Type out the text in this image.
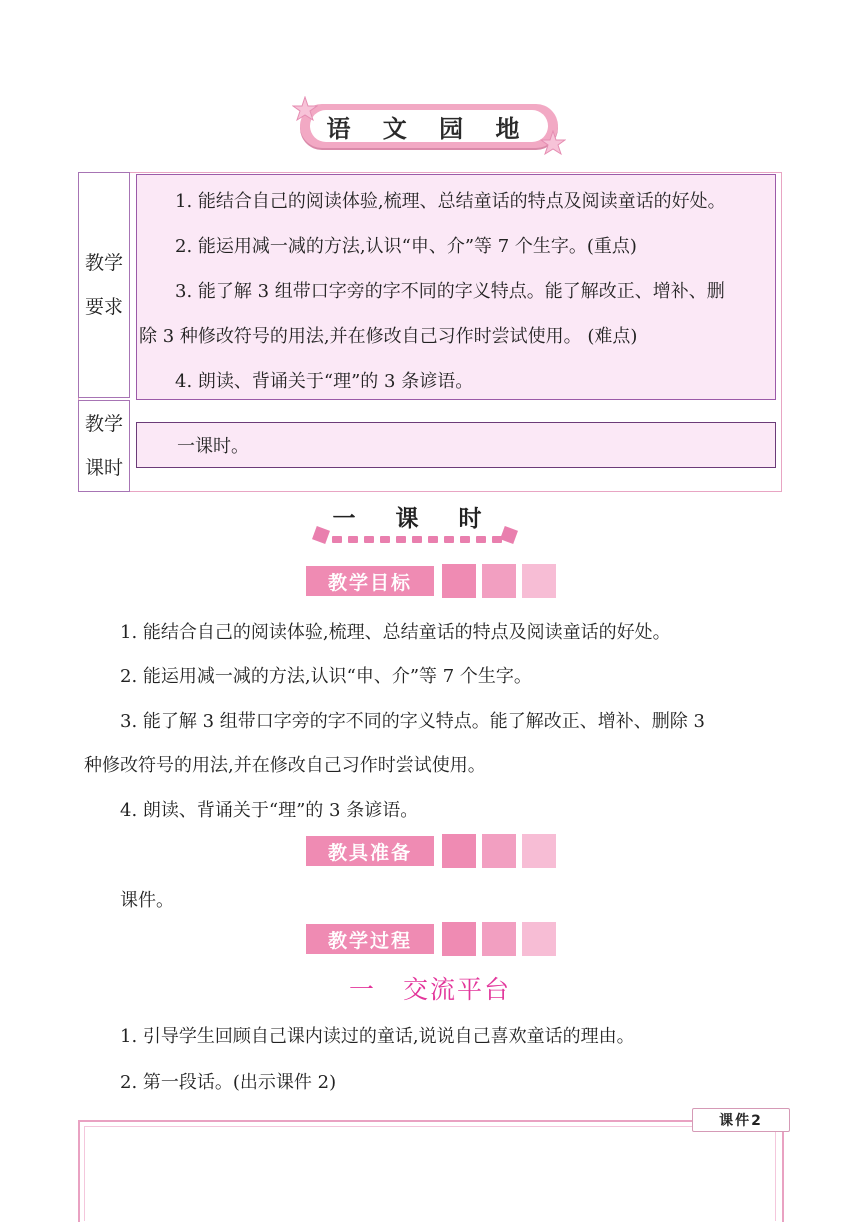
语 文 园 地
教学
要求
1. 能结合自己的阅读体验,梳理、总结童话的特点及阅读童话的好处。
2. 能运用减一减的方法,认识“申、介”等 7 个生字。(重点)
3. 能了解 3 组带口字旁的字不同的字义特点。能了解改正、增补、删
除 3 种修改符号的用法,并在修改自己习作时尝试使用。 (难点)
4. 朗读、背诵关于“理”的 3 条谚语。
教学
课时
一课时。
一 课 时
教学目标
1. 能结合自己的阅读体验,梳理、总结童话的特点及阅读童话的好处。
2. 能运用减一减的方法,认识“申、介”等 7 个生字。
3. 能了解 3 组带口字旁的字不同的字义特点。能了解改正、增补、删除 3
种修改符号的用法,并在修改自己习作时尝试使用。
4. 朗读、背诵关于“理”的 3 条谚语。
教具准备
课件。
教学过程
一　交流平台
1. 引导学生回顾自己课内读过的童话,说说自己喜欢童话的理由。
2. 第一段话。(出示课件 2)
课件2
